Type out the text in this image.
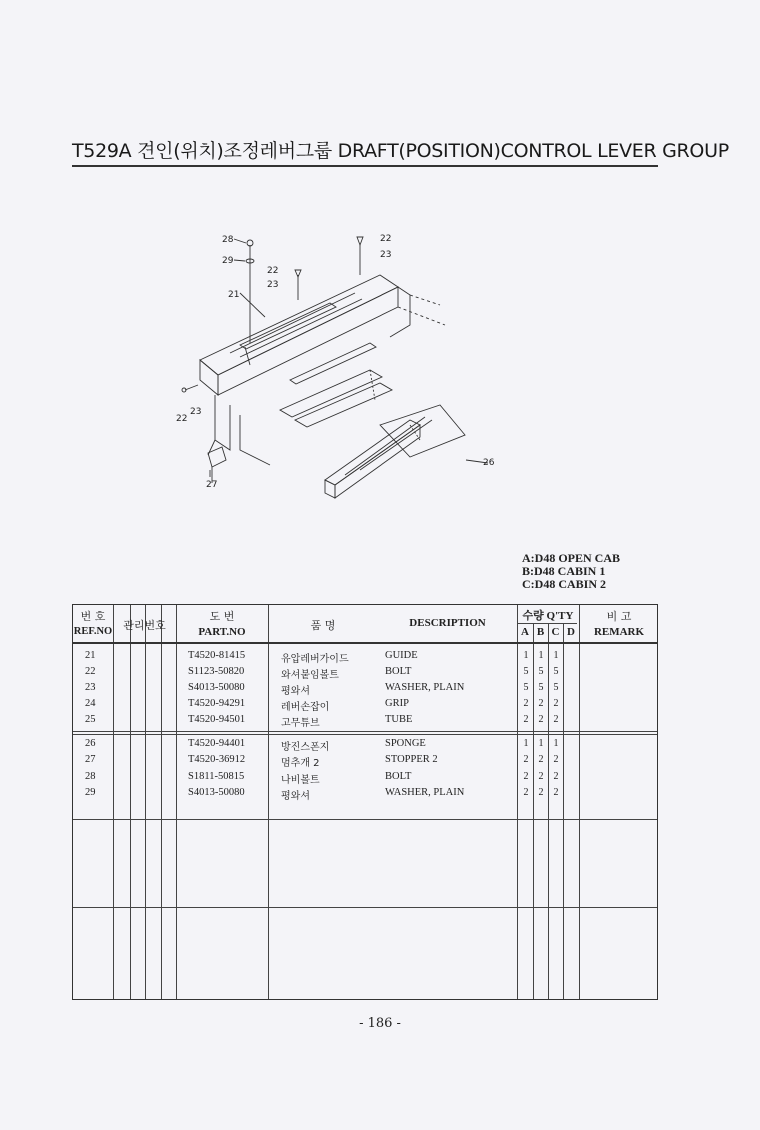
T529A 견인(위치)조정레버그룹 DRAFT(POSITION)CONTROL LEVER GROUP
28
29
21
22
23
22
23
22
23
26
27
A:D48 OPEN CAB
B:D48 CABIN 1
C:D48 CABIN 2
번 호
REF.NO	관리번호
도 번
PART.NO	품 명	DESCRIPTION
수량 Q'TY
A B C D
비 고
REMARK
21	T4520-81415	유압레버가이드	GUIDE	1	1	1
22	S1123-50820	와셔붙임볼트	BOLT	5	5	5
23	S4013-50080	평와셔	WASHER, PLAIN	5	5	5
24	T4520-94291	레버손잡이	GRIP	2	2	2
25	T4520-94501	고무튜브	TUBE	2	2	2
26	T4520-94401	방진스폰지	SPONGE	1	1	1
27	T4520-36912	멈추개 2	STOPPER 2	2	2	2
28	S1811-50815	나비볼트	BOLT	2	2	2
29	S4013-50080	평와셔	WASHER, PLAIN	2	2	2
- 186 -
